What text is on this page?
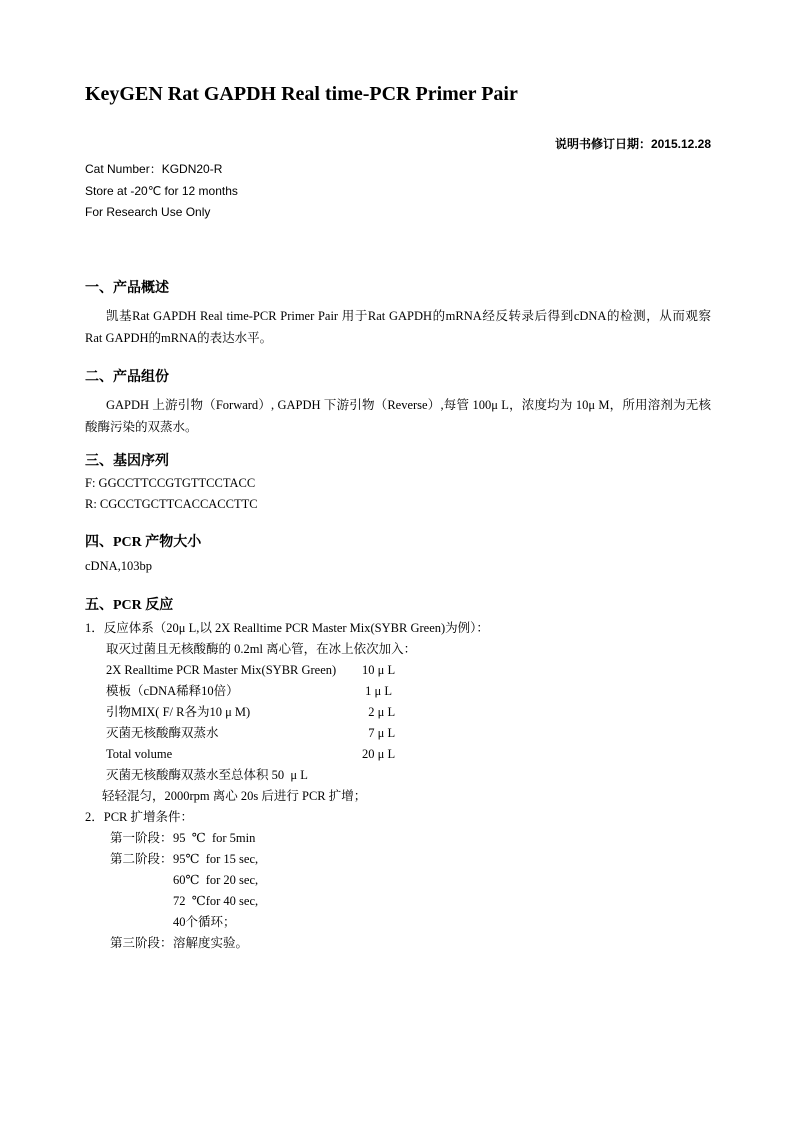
KeyGEN Rat GAPDH Real time-PCR Primer Pair
说明书修订日期：2015.12.28
Cat Number：KGDN20-R
Store at -20℃ for 12 months
For Research Use Only
一、产品概述

凯基Rat GAPDH Real time-PCR Primer Pair 用于Rat GAPDH的mRNA经反转录后得到cDNA的检测，从而观察Rat GAPDH的mRNA的表达水平。

二、产品组份

GAPDH 上游引物（Forward）, GAPDH 下游引物（Reverse）,每管 100μ L，浓度均为 10μ M，所用溶剂为无核酸酶污染的双蒸水。

三、基因序列
F: GGCCTTCCGTGTTCCTACC
R: CGCCTGCTTCACCACCTTC
四、PCR 产物大小
cDNA,103bp
五、PCR 反应
1．反应体系（20μ L,以 2X Realltime PCR Master Mix(SYBR Green)为例）：
取灭过菌且无核酸酶的 0.2ml 离心管，在冰上依次加入：
2X Realltime PCR Master Mix(SYBR Green)	10 μ L
模板（cDNA稀释10倍）	1 μ L
引物MIX( F/ R各为10 μ M)	2 μ L
灭菌无核酸酶双蒸水	7 μ L
Total volume	20 μ L
灭菌无核酸酶双蒸水至总体积 50  μ L
轻轻混匀，2000rpm 离心 20s 后进行 PCR 扩增；
2．PCR 扩增条件：
第一阶段： 95  ℃  for 5min
第二阶段： 95℃  for 15 sec,
60℃  for 20 sec,
72  ℃for 40 sec,
40个循环；
第三阶段： 溶解度实验。
